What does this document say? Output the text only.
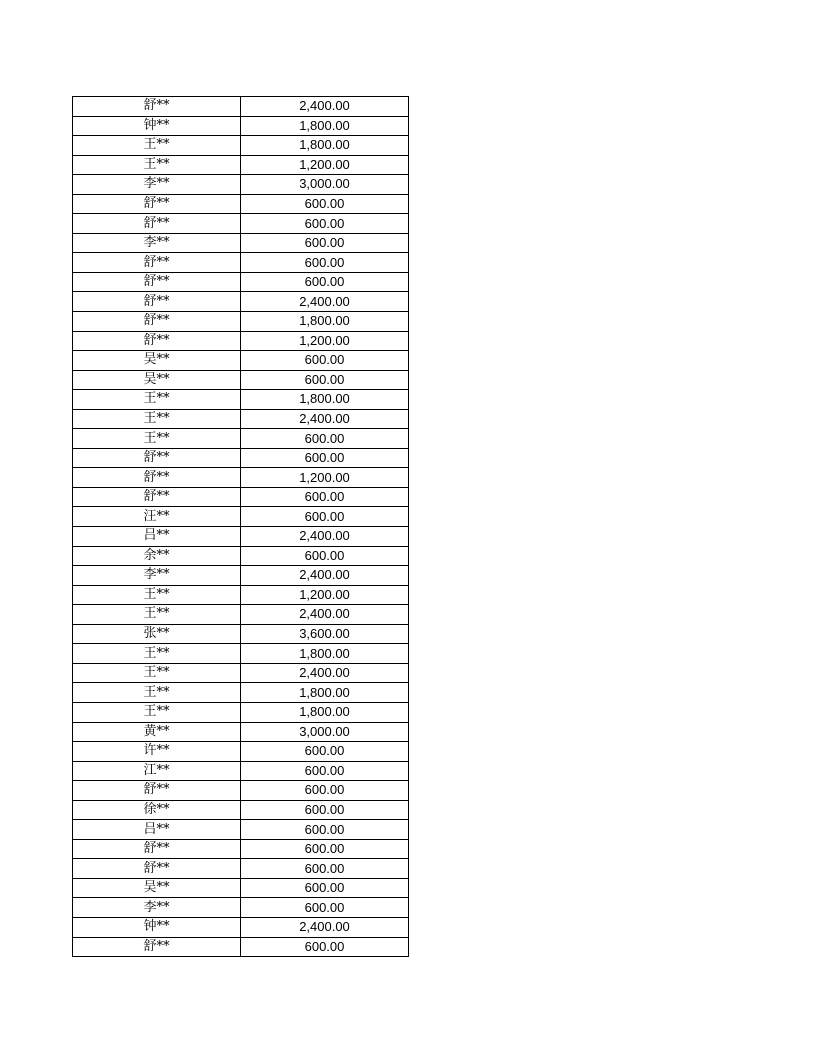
舒**	2,400.00
钟**	1,800.00
王**	1,800.00
王**	1,200.00
李**	3,000.00
舒**	600.00
舒**	600.00
李**	600.00
舒**	600.00
舒**	600.00
舒**	2,400.00
舒**	1,800.00
舒**	1,200.00
吴**	600.00
吴**	600.00
王**	1,800.00
王**	2,400.00
王**	600.00
舒**	600.00
舒**	1,200.00
舒**	600.00
汪**	600.00
吕**	2,400.00
余**	600.00
李**	2,400.00
王**	1,200.00
王**	2,400.00
张**	3,600.00
王**	1,800.00
王**	2,400.00
王**	1,800.00
王**	1,800.00
黄**	3,000.00
许**	600.00
江**	600.00
舒**	600.00
徐**	600.00
吕**	600.00
舒**	600.00
舒**	600.00
吴**	600.00
李**	600.00
钟**	2,400.00
舒**	600.00
